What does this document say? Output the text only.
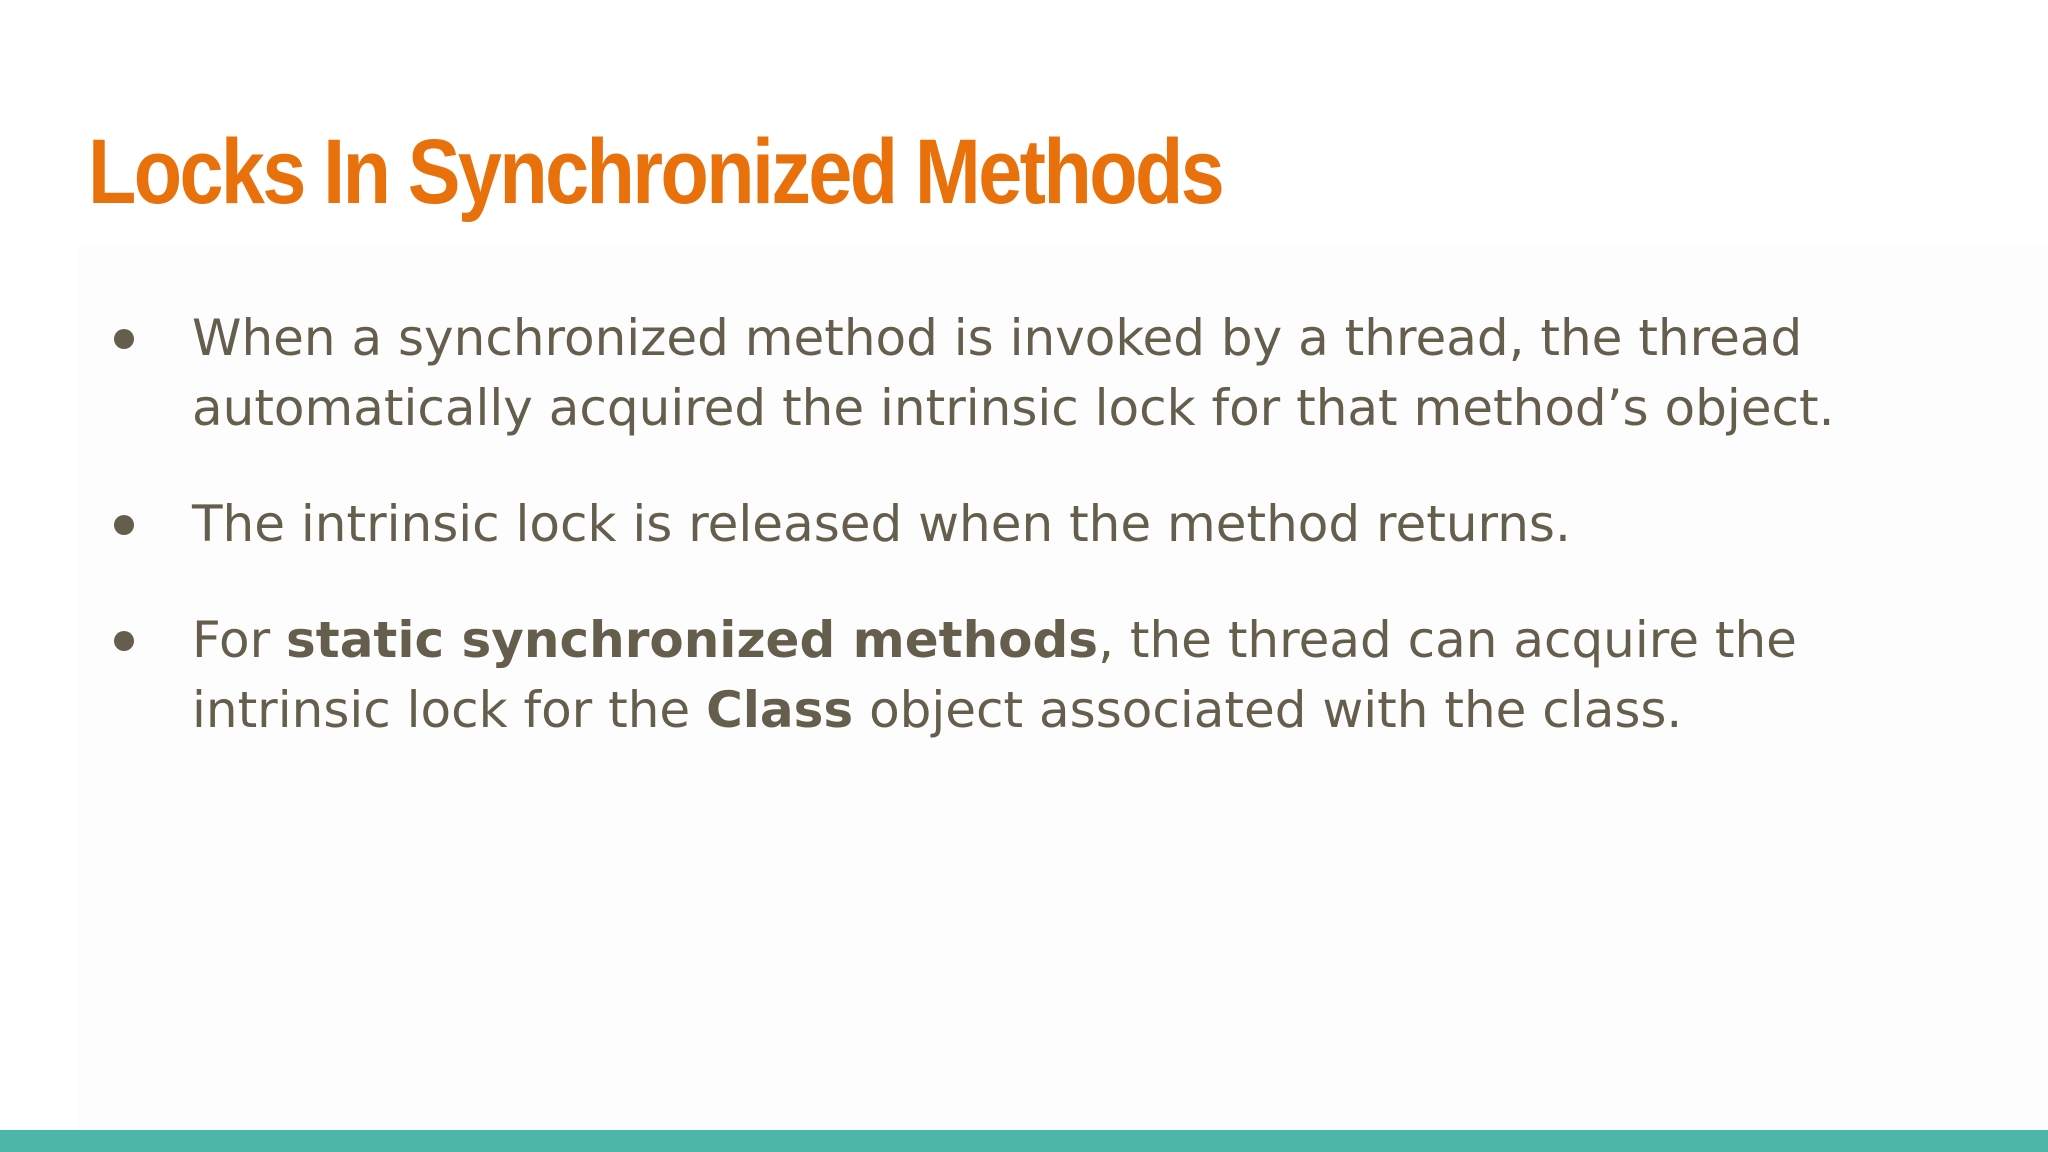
Locks In Synchronized Methods
When a synchronized method is invoked by a thread, the thread automatically acquired the intrinsic lock for that method’s object.
The intrinsic lock is released when the method returns.
For static synchronized methods, the thread can acquire the intrinsic lock for the Class object associated with the class.
